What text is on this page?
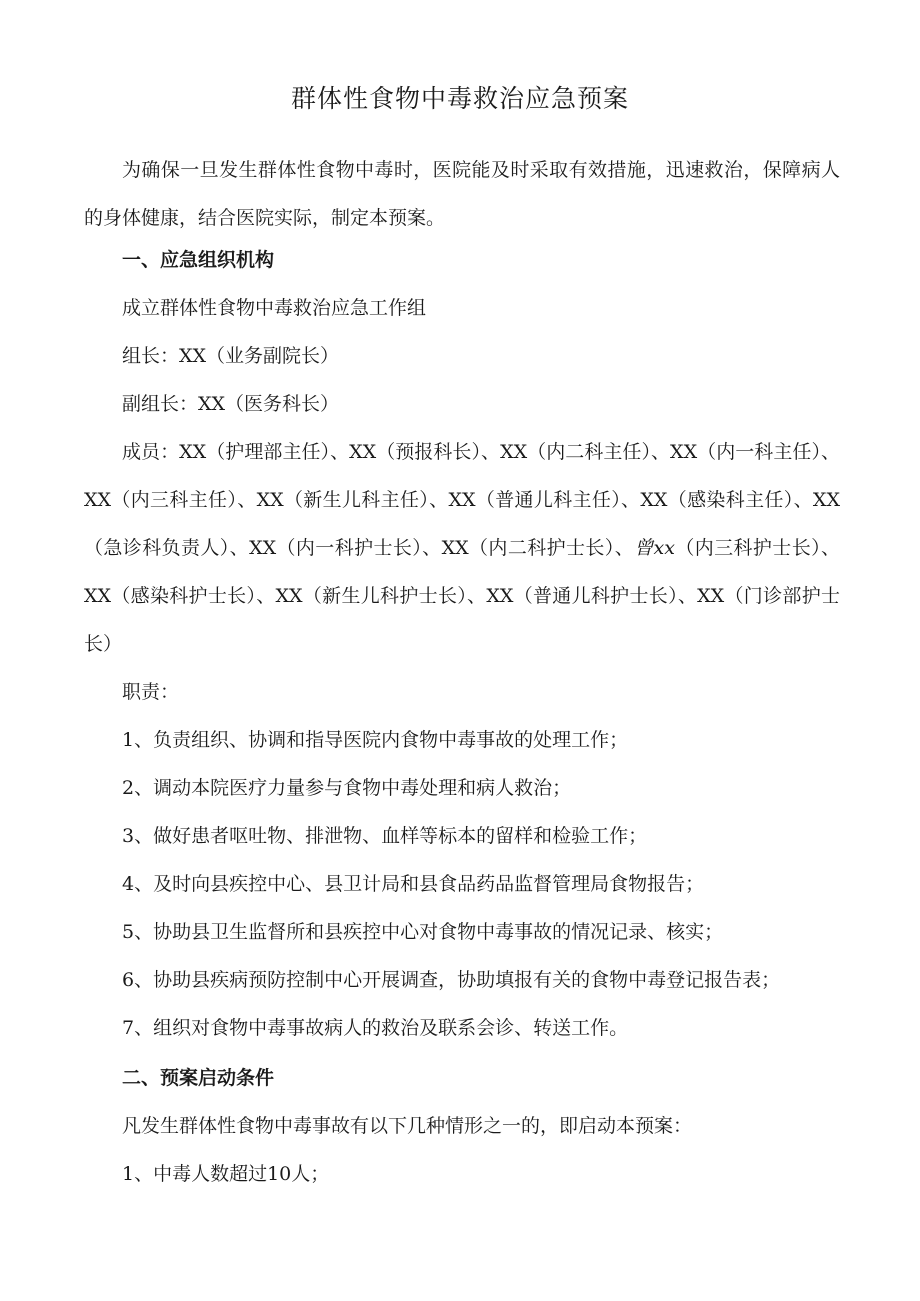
群体性食物中毒救治应急预案

为确保一旦发生群体性食物中毒时，医院能及时采取有效措施，迅速救治，保障病人的身体健康，结合医院实际，制定本预案。

一、应急组织机构

成立群体性食物中毒救治应急工作组

组长：XX（业务副院长）

副组长：XX（医务科长）

成员：XX（护理部主任）、XX（预报科长）、XX（内二科主任）、XX（内一科主任）、XX（内三科主任）、XX（新生儿科主任）、XX（普通儿科主任）、XX（感染科主任）、XX（急诊科负责人）、XX（内一科护士长）、XX（内二科护士长）、曾xx（内三科护士长）、XX（感染科护士长）、XX（新生儿科护士长）、XX（普通儿科护士长）、XX（门诊部护士长）

职责：

1、负责组织、协调和指导医院内食物中毒事故的处理工作；

2、调动本院医疗力量参与食物中毒处理和病人救治；

3、做好患者呕吐物、排泄物、血样等标本的留样和检验工作；

4、及时向县疾控中心、县卫计局和县食品药品监督管理局食物报告；

5、协助县卫生监督所和县疾控中心对食物中毒事故的情况记录、核实；

6、协助县疾病预防控制中心开展调查，协助填报有关的食物中毒登记报告表；

7、组织对食物中毒事故病人的救治及联系会诊、转送工作。

二、预案启动条件

凡发生群体性食物中毒事故有以下几种情形之一的，即启动本预案：

1、中毒人数超过10人；
